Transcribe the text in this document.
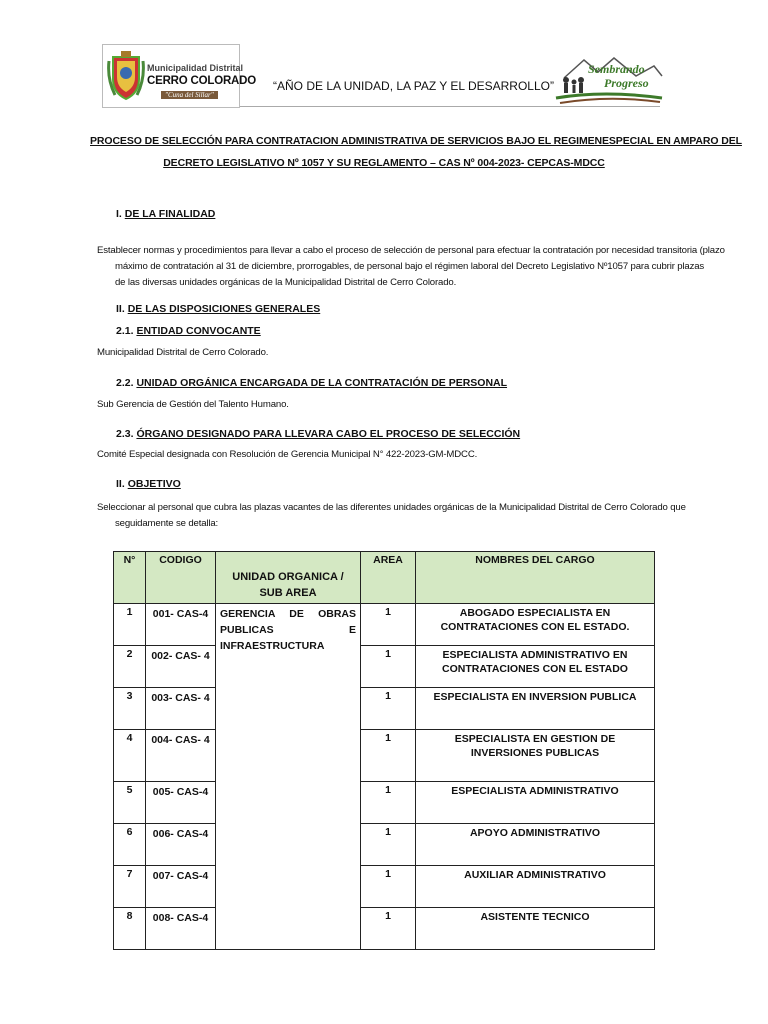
Municipalidad Distrital
CERRO COLORADO
"Cuna del Sillar"
“AÑO DE LA UNIDAD, LA PAZ Y EL DESARROLLO”
Sembrando
Progreso
PROCESO DE SELECCIÓN PARA CONTRATACION ADMINISTRATIVA DE SERVICIOS BAJO EL REGIMENESPECIAL EN AMPARO DEL
DECRETO LEGISLATIVO Nº 1057 Y SU REGLAMENTO – CAS Nº 004-2023- CEPCAS-MDCC
I. DE LA FINALIDAD
Establecer normas y procedimientos para llevar a cabo el proceso de selección de personal para efectuar la contratación por necesidad transitoria (plazo
máximo de contratación al 31 de diciembre, prorrogables, de personal bajo el régimen laboral del Decreto Legislativo Nº1057 para cubrir plazas
de las diversas unidades orgánicas de la Municipalidad Distrital de Cerro Colorado.
II. DE LAS DISPOSICIONES GENERALES
2.1. ENTIDAD CONVOCANTE
Municipalidad Distrital de Cerro Colorado.
2.2. UNIDAD ORGÁNICA ENCARGADA DE LA CONTRATACIÓN DE PERSONAL
Sub Gerencia de Gestión del Talento Humano.
2.3. ÓRGANO DESIGNADO PARA LLEVARA CABO EL PROCESO DE SELECCIÓN
Comité Especial designada con Resolución de Gerencia Municipal N° 422-2023-GM-MDCC.
II. OBJETIVO
Seleccionar al personal que cubra las plazas vacantes de las diferentes unidades orgánicas de la Municipalidad Distrital de Cerro Colorado que
seguidamente se detalla:
N°	CODIGO	UNIDAD ORGANICA / SUB AREA	AREA	NOMBRES DEL CARGO
1	001- CAS-4	GERENCIA DE OBRAS PUBLICAS E INFRAESTRUCTURA	1	ABOGADO ESPECIALISTA EN CONTRATACIONES CON EL ESTADO.
2	002- CAS- 4		1	ESPECIALISTA ADMINISTRATIVO EN CONTRATACIONES CON EL ESTADO
3	003- CAS- 4		1	ESPECIALISTA EN INVERSION PUBLICA
4	004- CAS- 4		1	ESPECIALISTA EN GESTION DE INVERSIONES PUBLICAS
5	005- CAS-4		1	ESPECIALISTA ADMINISTRATIVO
6	006- CAS-4		1	APOYO ADMINISTRATIVO
7	007- CAS-4		1	AUXILIAR ADMINISTRATIVO
8	008- CAS-4		1	ASISTENTE TECNICO
